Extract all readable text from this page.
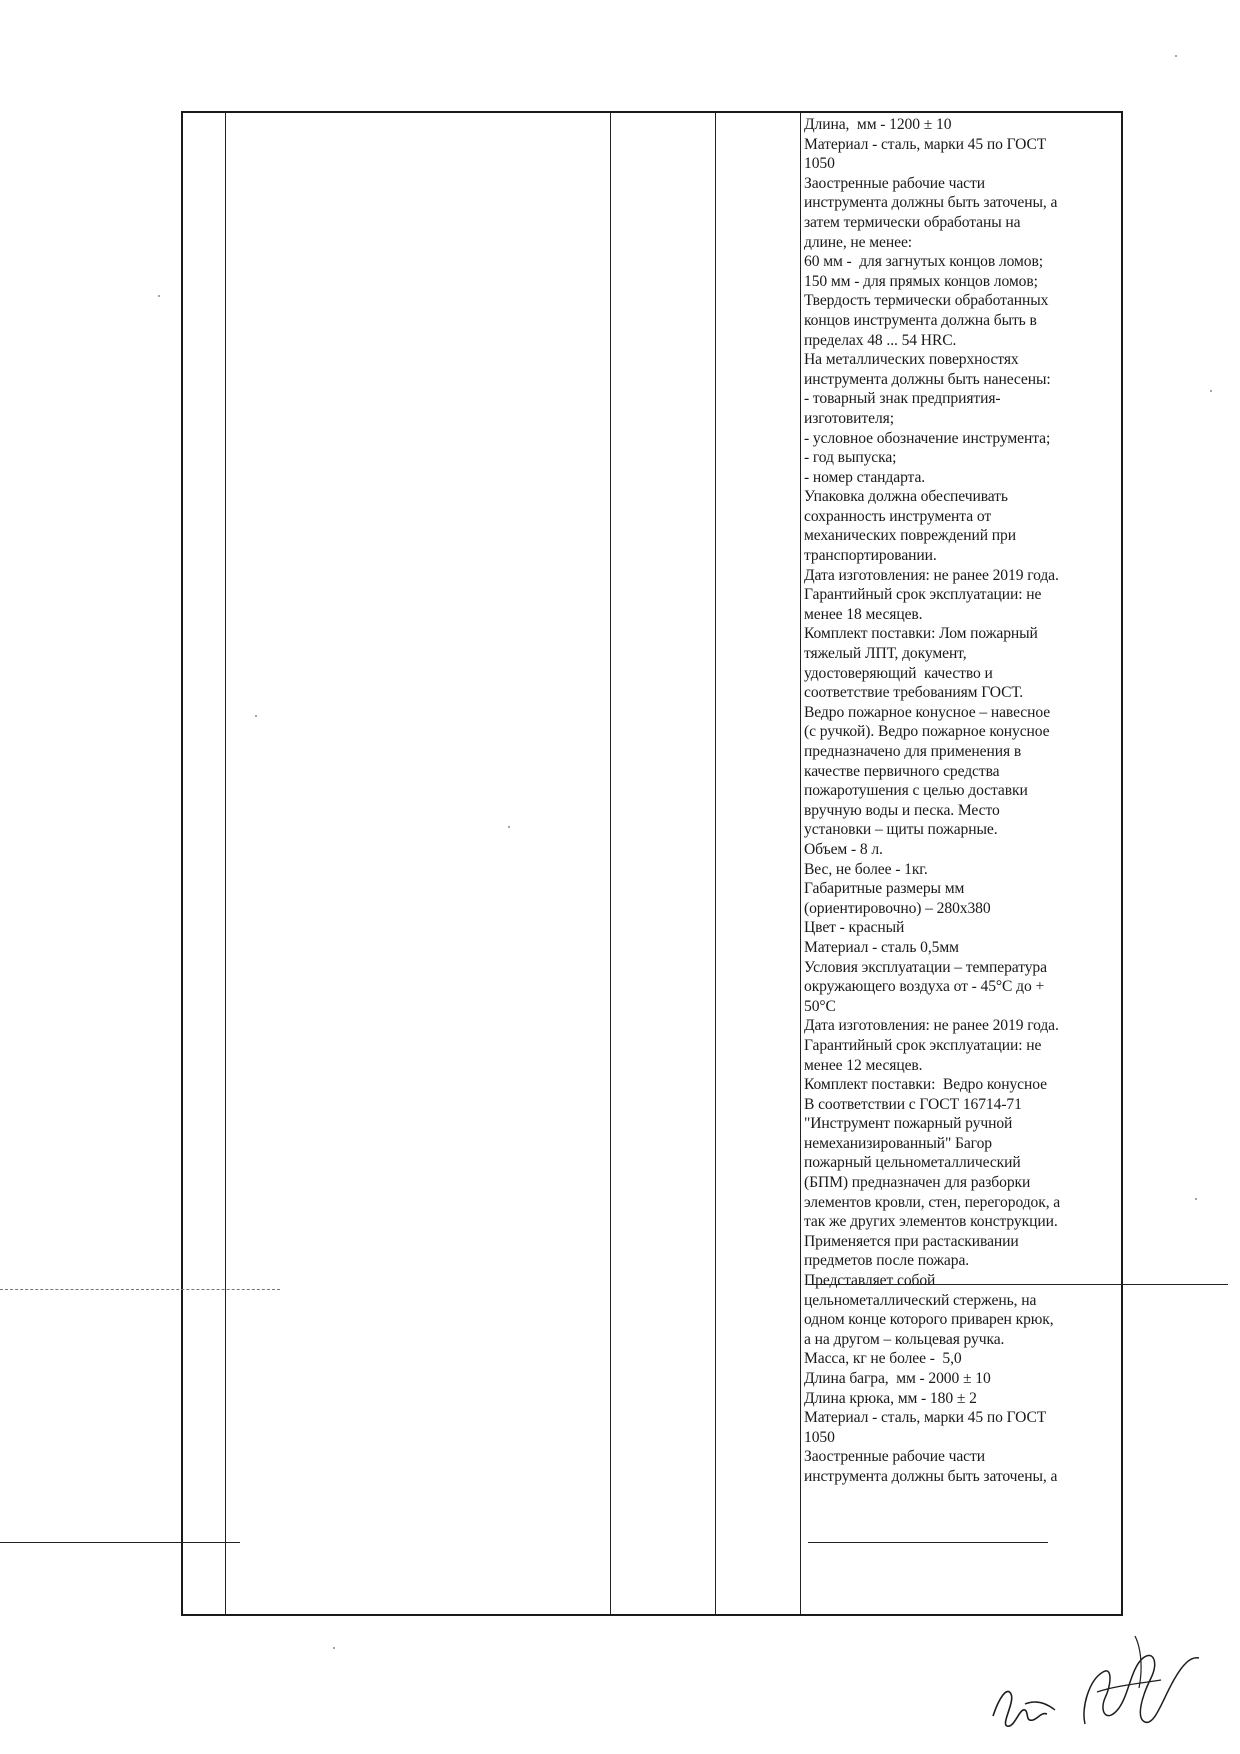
Длина,  мм - 1200 ± 10
Материал - сталь, марки 45 по ГОСТ
1050
Заостренные рабочие части
инструмента должны быть заточены, а
затем термически обработаны на
длине, не менее:
60 мм -  для загнутых концов ломов;
150 мм - для прямых концов ломов;
Твердость термически обработанных
концов инструмента должна быть в
пределах 48 ... 54 HRC.
На металлических поверхностях
инструмента должны быть нанесены:
- товарный знак предприятия-
изготовителя;
- условное обозначение инструмента;
- год выпуска;
- номер стандарта.
Упаковка должна обеспечивать
сохранность инструмента от
механических повреждений при
транспортировании.
Дата изготовления: не ранее 2019 года.
Гарантийный срок эксплуатации: не
менее 18 месяцев.
Комплект поставки: Лом пожарный
тяжелый ЛПТ, документ,
удостоверяющий  качество и
соответствие требованиям ГОСТ.
Ведро пожарное конусное – навесное
(с ручкой). Ведро пожарное конусное
предназначено для применения в
качестве первичного средства
пожаротушения с целью доставки
вручную воды и песка. Место
установки – щиты пожарные.
Объем - 8 л.
Вес, не более - 1кг.
Габаритные размеры мм
(ориентировочно) – 280х380
Цвет - красный
Материал - сталь 0,5мм
Условия эксплуатации – температура
окружающего воздуха от - 45°С до +
50°С
Дата изготовления: не ранее 2019 года.
Гарантийный срок эксплуатации: не
менее 12 месяцев.
Комплект поставки:  Ведро конусное
В соответствии с ГОСТ 16714-71
"Инструмент пожарный ручной
немеханизированный" Багор
пожарный цельнометаллический
(БПМ) предназначен для разборки
элементов кровли, стен, перегородок, а
так же других элементов конструкции.
Применяется при растаскивании
предметов после пожара.
Представляет собой
цельнометаллический стержень, на
одном конце которого приварен крюк,
а на другом – кольцевая ручка.
Масса, кг не более -  5,0
Длина багра,  мм - 2000 ± 10
Длина крюка, мм - 180 ± 2
Материал - сталь, марки 45 по ГОСТ
1050
Заостренные рабочие части
инструмента должны быть заточены, а
